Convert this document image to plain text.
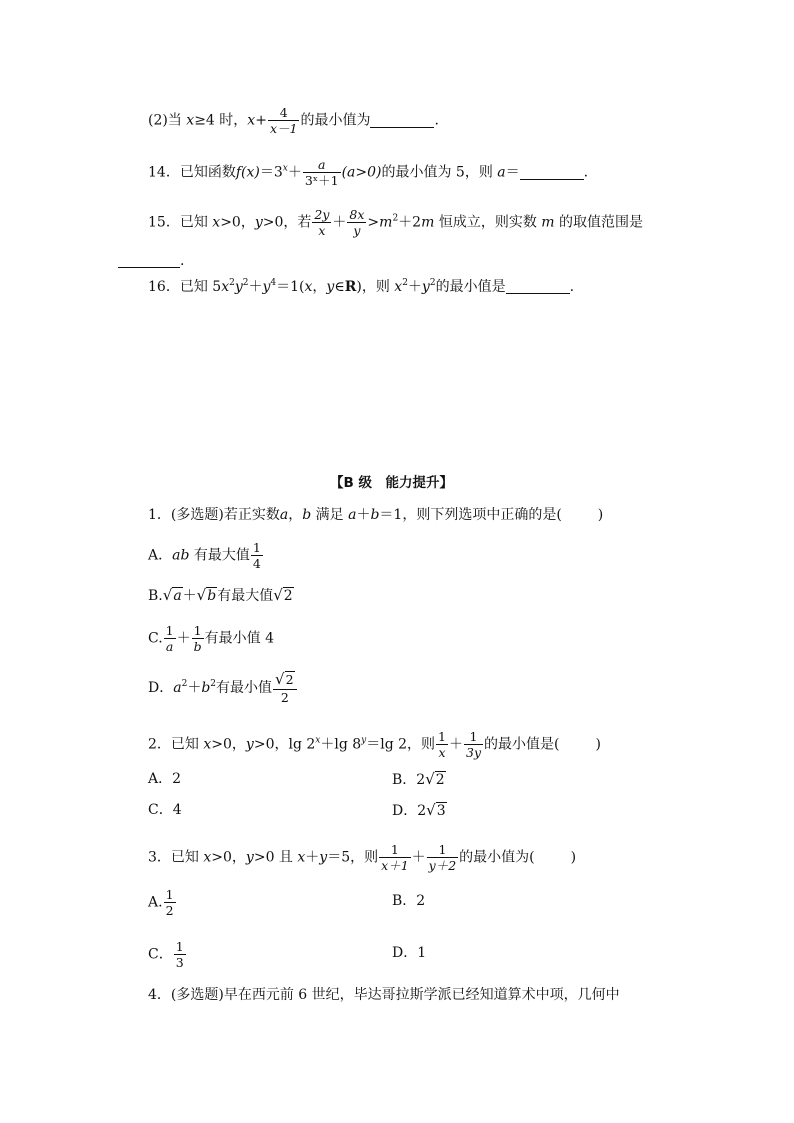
(2)当 x≥4 时，$x+ \frac{4}{x-1}$ 的最小值为	.
14．已知函数$f(x)=3^x+ \frac{a}{\text{3ˣ＋1}} (a>0)$的最小值为 5，则 a＝	.
15．已知 x>0，y>0，若 $\frac{2y}{x} + \frac{8x}{y} >m^2+2m$ 恒成立，则实数 m 的取值范围是
.
16．已知 $5x^2y^2+y^4=1(x$，y∈R)，则 $x^2+y^2$的最小值是	.
【B 级　能力提升】
1．(多选题)若正实数a，b 满足 a＋b＝1，则下列选项中正确的是(	)
A．ab 有最大值 $\frac{1}{4}$
B.√a＋√b有最大值√2
C. $\frac{1}{a} + \frac{1}{b}$ 有最小值 4
D．$a^2+b^2$有最小值 $\frac{√2}{2}$
2．已知 x>0，y>0，$\lg 2^x+\lg$ $8^y=\lg$ 2，则 $\frac{1}{x} + \frac{1}{3y}$ 的最小值是(	)
A．2	B．2√2
C．4	D．2√3
3．已知 x>0，y>0 且 x＋y＝5，则 $\frac{1}{x+1} + \frac{1}{y+2}$ 的最小值为(	)
A. $\frac{1}{2}$	B．2
C． $\frac{1}{3}$	D．1
4．(多选题)早在西元前 6 世纪，毕达哥拉斯学派已经知道算术中项，几何中
